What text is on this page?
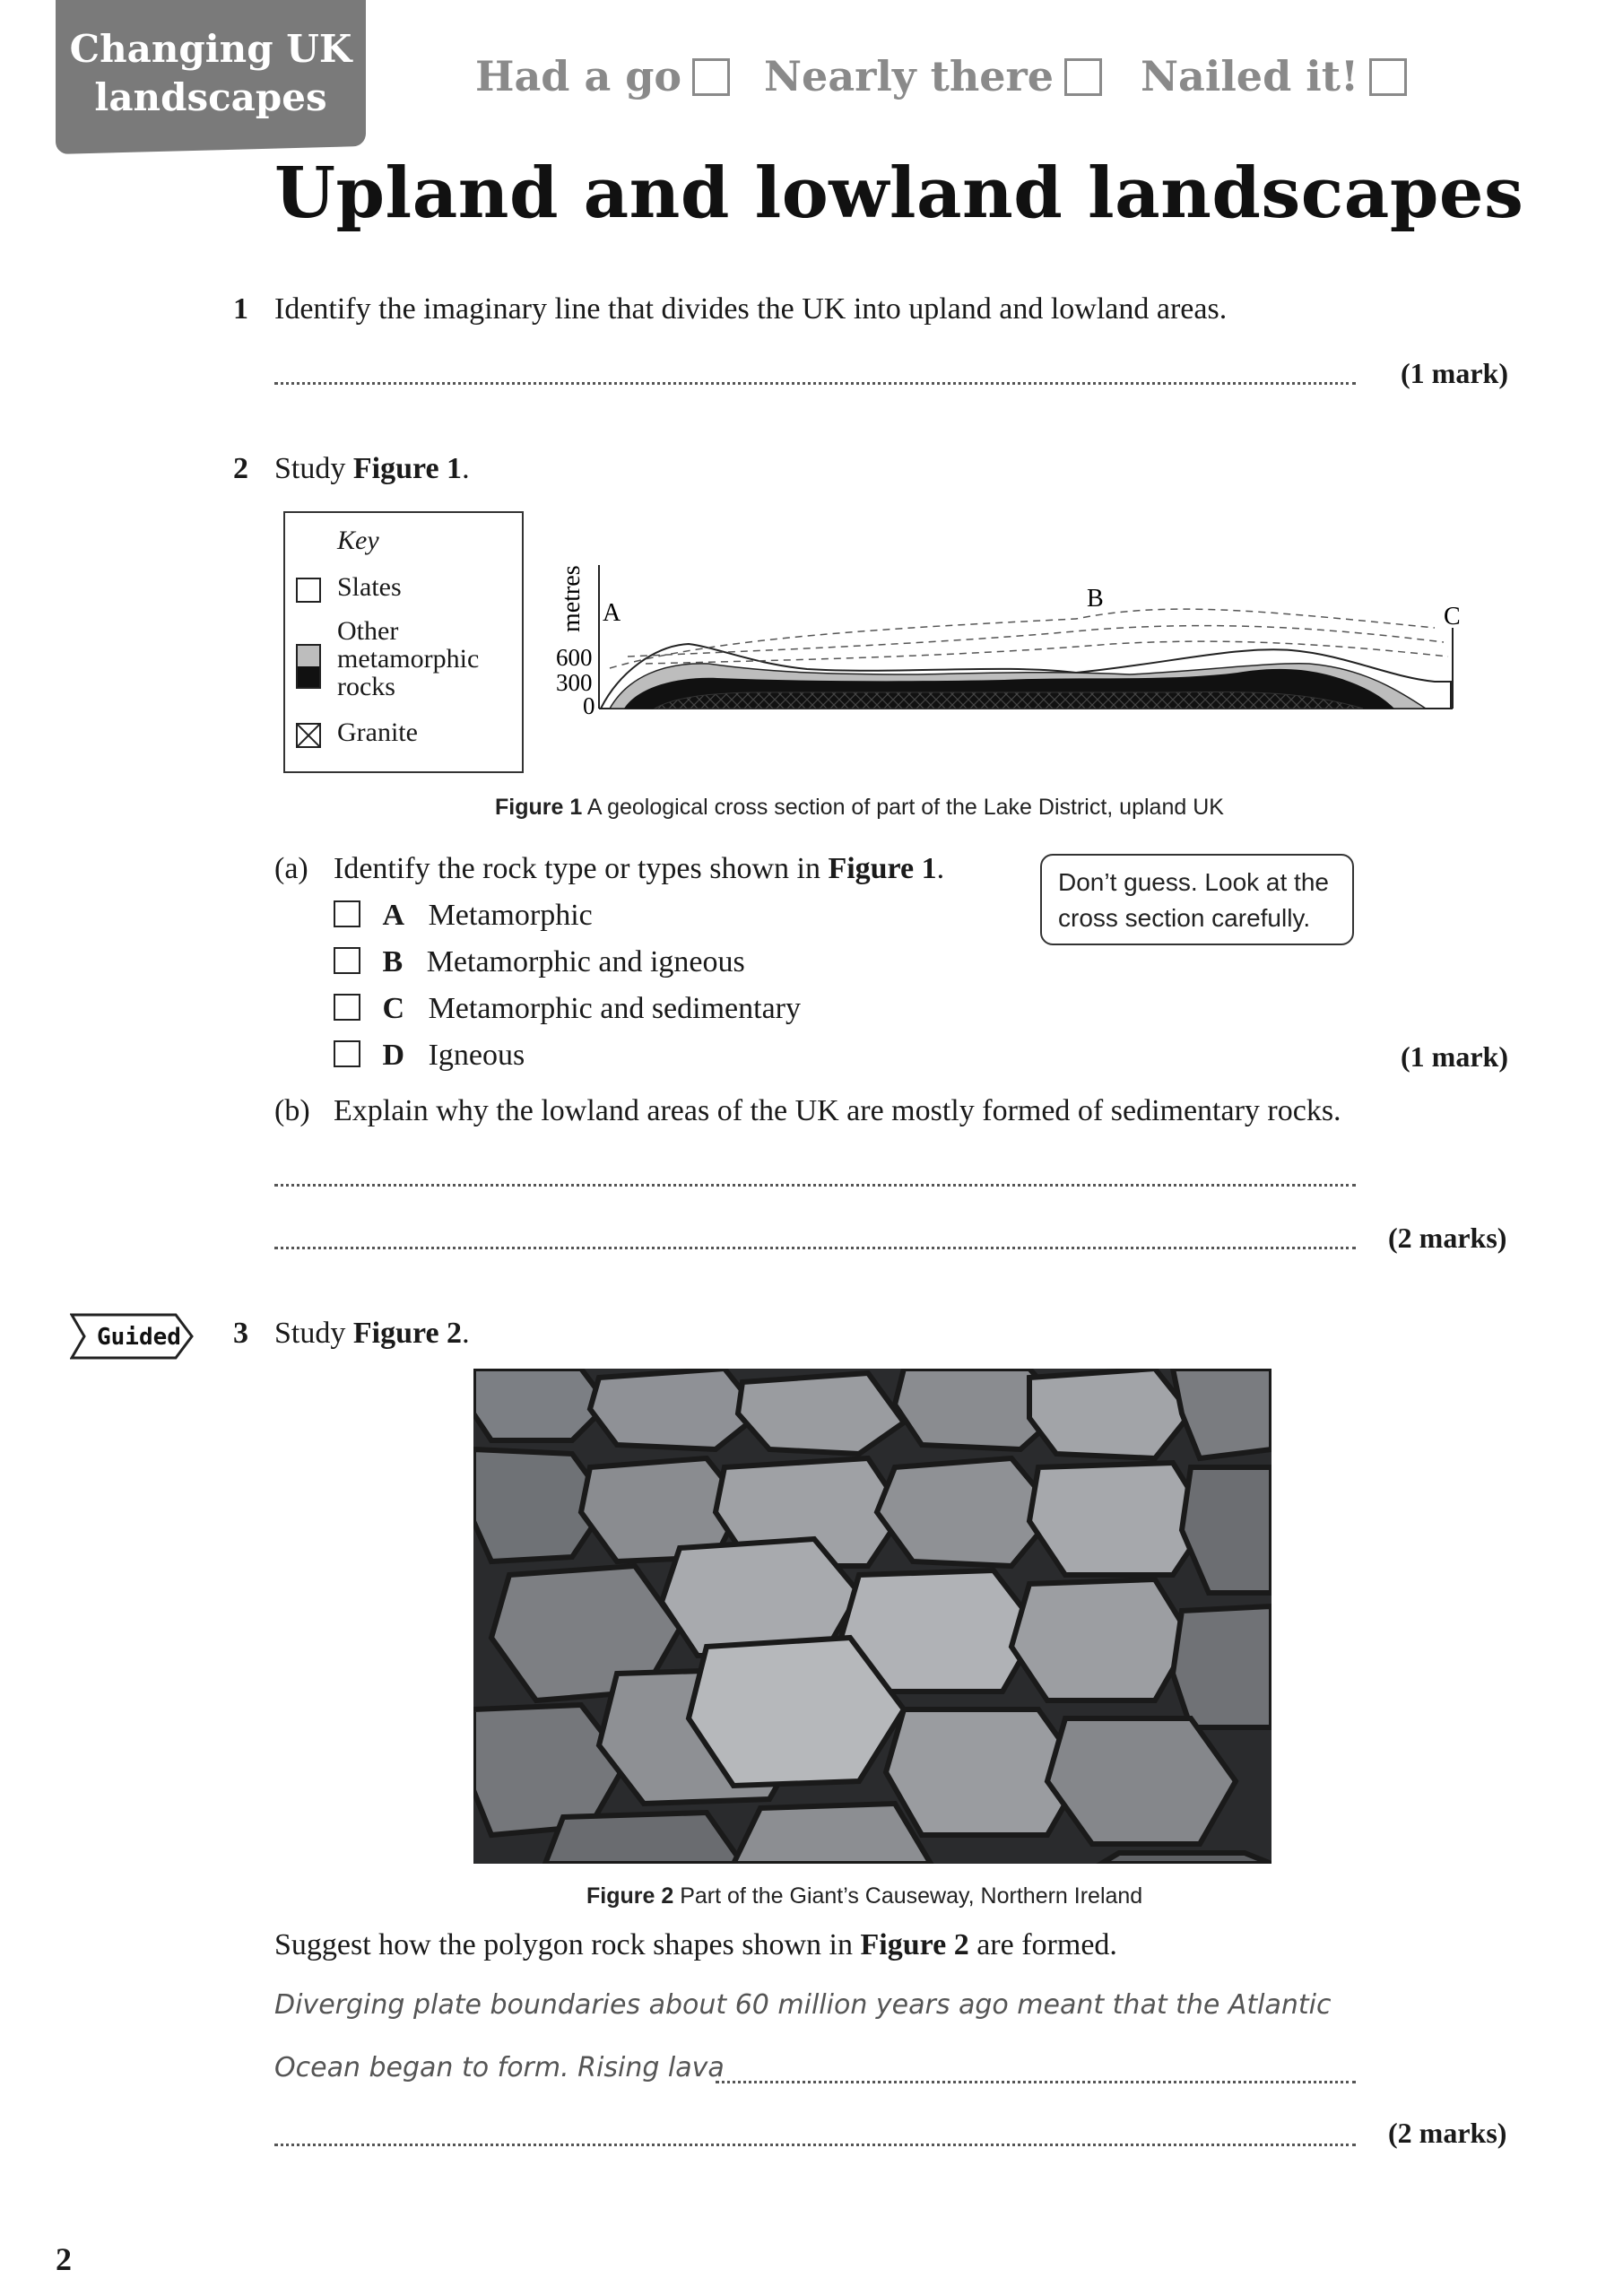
Changing UK
landscapes	Had a go	Nearly there	Nailed it!
Upland and lowland landscapes
1 Identify the imaginary line that divides the UK into upland and lowland areas.
(1 mark)
2 Study Figure 1.
Key
Slates
Other
metamorphic
rocks
Granite
metres
600
300
0
A
B
C
Figure 1 A geological cross section of part of the Lake District, upland UK
(a) Identify the rock type or types shown in Figure 1.	Don’t guess. Look at the
cross section carefully.
A Metamorphic
B Metamorphic and igneous
C Metamorphic and sedimentary
D Igneous	(1 mark)
(b) Explain why the lowland areas of the UK are mostly formed of sedimentary rocks.
(2 marks)
Guided 3 Study Figure 2.
Figure 2 Part of the Giant’s Causeway, Northern Ireland
Suggest how the polygon rock shapes shown in Figure 2 are formed.
Diverging plate boundaries about 60 million years ago meant that the Atlantic
Ocean began to form. Rising lava
(2 marks)
2
